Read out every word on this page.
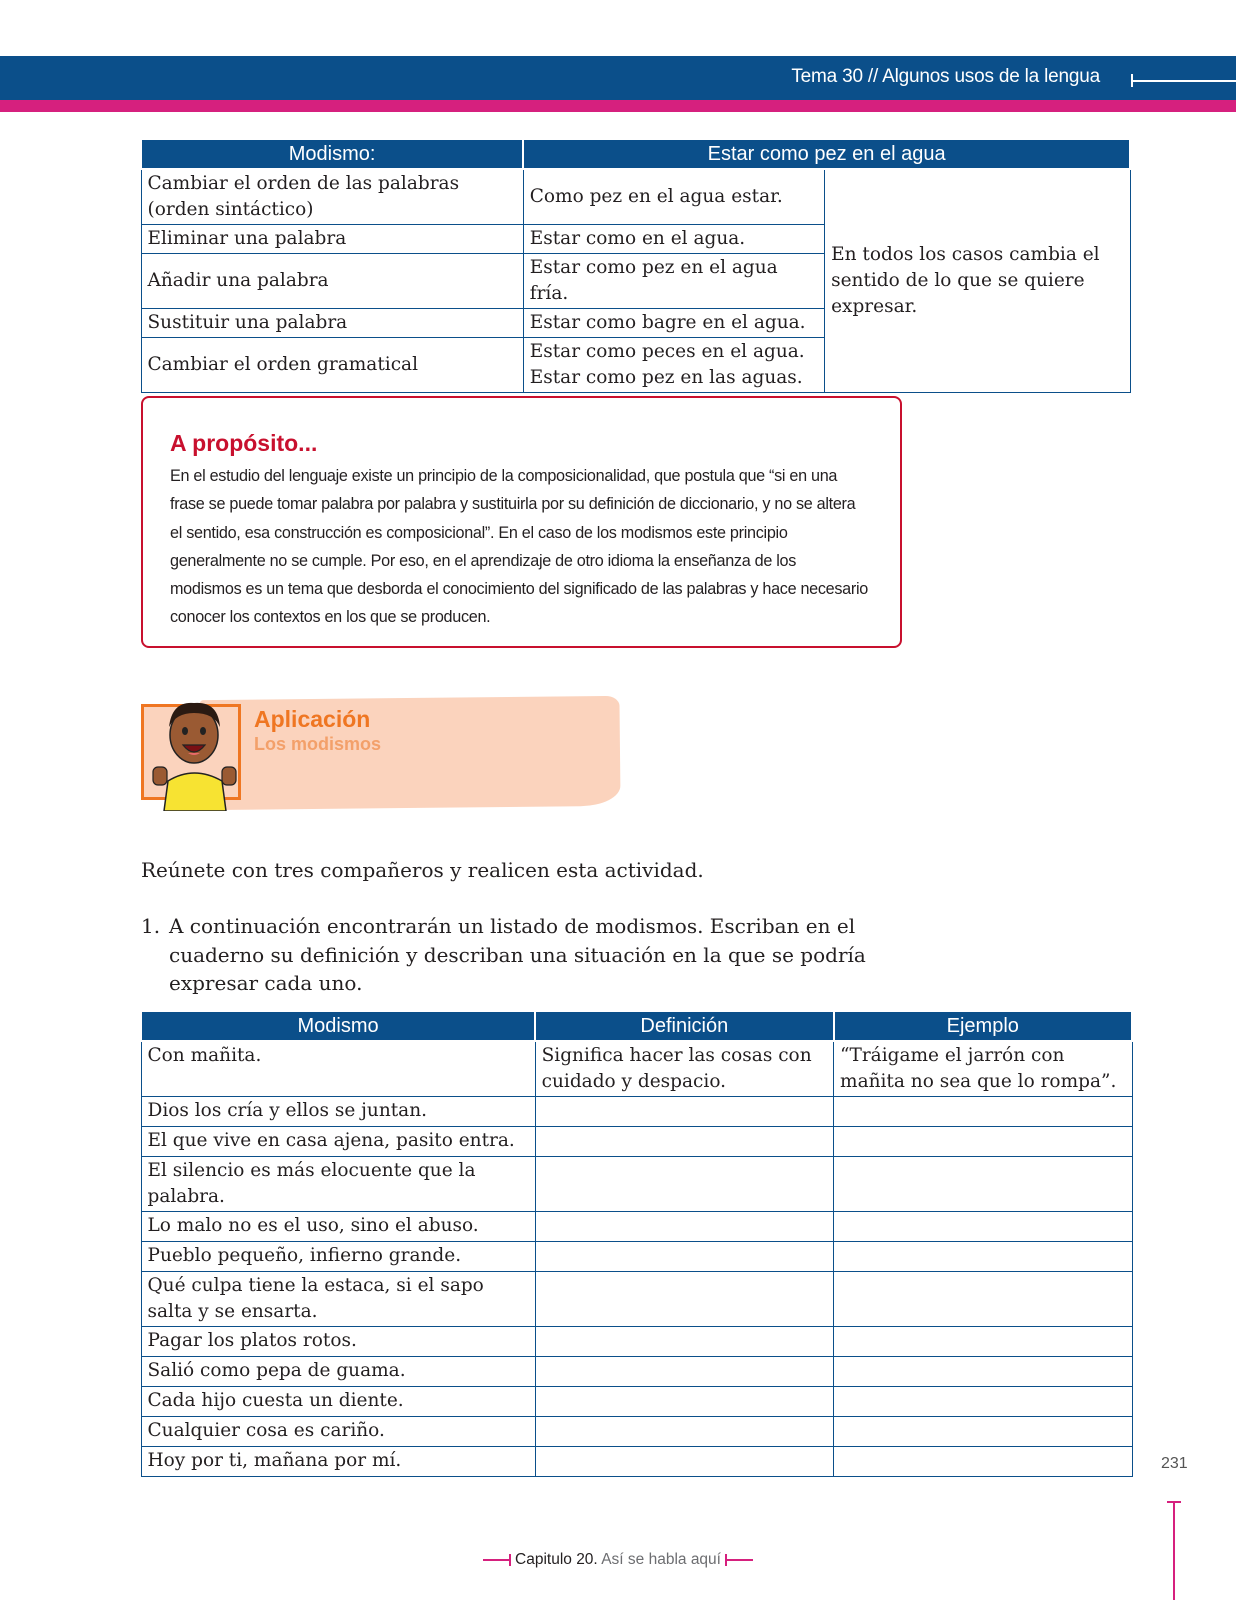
Tema 30 // Algunos usos de la lengua
Modismo:	Estar como pez en el agua	
Cambiar el orden de las palabras (orden sintáctico)	Como pez en el agua estar.	En todos los casos cambia el sentido de lo que se quiere expresar.
Eliminar una palabra	Estar como en el agua.	
Añadir una palabra	Estar como pez en el agua fría.	
Sustituir una palabra	Estar como bagre en el agua.	
Cambiar el orden gramatical	Estar como peces en el agua. Estar como pez en las aguas.	
A propósito...
En el estudio del lenguaje existe un principio de la composicionalidad, que postula que “si en una frase se puede tomar palabra por palabra y sustituirla por su definición de diccionario, y no se altera el sentido, esa construcción es composicional”. En el caso de los modismos este principio generalmente no se cumple. Por eso, en el aprendizaje de otro idioma la enseñanza de los modismos es un tema que desborda el conocimiento del significado de las palabras y hace necesario conocer los contextos en los que se producen.
Aplicación
Los modismos
Reúnete con tres compañeros y realicen esta actividad.
1. A continuación encontrarán un listado de modismos. Escriban en el cuaderno su definición y describan una situación en la que se podría expresar cada uno.
Modismo	Definición	Ejemplo
Con mañita.	Significa hacer las cosas con cuidado y despacio.	“Tráigame el jarrón con mañita no sea que lo rompa”.
Dios los cría y ellos se juntan.		
El que vive en casa ajena, pasito entra.		
El silencio es más elocuente que la palabra.		
Lo malo no es el uso, sino el abuso.		
Pueblo pequeño, infierno grande.		
Qué culpa tiene la estaca, si el sapo salta y se ensarta.		
Pagar los platos rotos.		
Salió como pepa de guama.		
Cada hijo cuesta un diente.		
Cualquier cosa es cariño.		
Hoy por ti, mañana por mí.			231
Capitulo 20. Así se habla aquí
